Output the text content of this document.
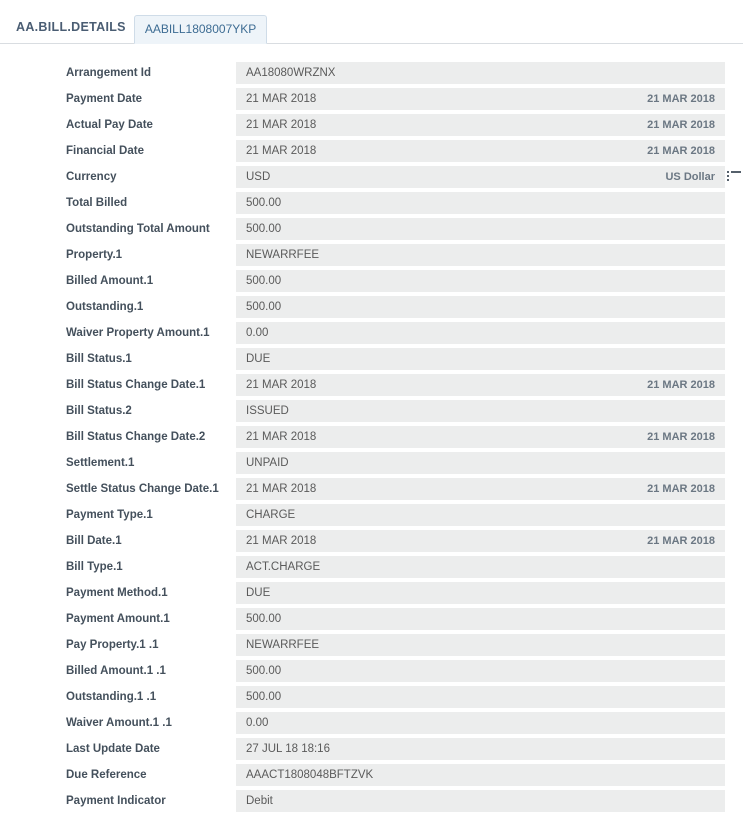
AA.BILL.DETAILS	AABILL1808007YKP
Arrangement Id	AA18080WRZNX
Payment Date	21 MAR 2018	21 MAR 2018
Actual Pay Date	21 MAR 2018	21 MAR 2018
Financial Date	21 MAR 2018	21 MAR 2018
Currency	USD	US Dollar
Total Billed	500.00
Outstanding Total Amount	500.00
Property.1	NEWARRFEE
Billed Amount.1	500.00
Outstanding.1	500.00
Waiver Property Amount.1	0.00
Bill Status.1	DUE
Bill Status Change Date.1	21 MAR 2018	21 MAR 2018
Bill Status.2	ISSUED
Bill Status Change Date.2	21 MAR 2018	21 MAR 2018
Settlement.1	UNPAID
Settle Status Change Date.1	21 MAR 2018	21 MAR 2018
Payment Type.1	CHARGE
Bill Date.1	21 MAR 2018	21 MAR 2018
Bill Type.1	ACT.CHARGE
Payment Method.1	DUE
Payment Amount.1	500.00
Pay Property.1 .1	NEWARRFEE
Billed Amount.1 .1	500.00
Outstanding.1 .1	500.00
Waiver Amount.1 .1	0.00
Last Update Date	27 JUL 18 18:16
Due Reference	AAACT1808048BFTZVK
Payment Indicator	Debit
